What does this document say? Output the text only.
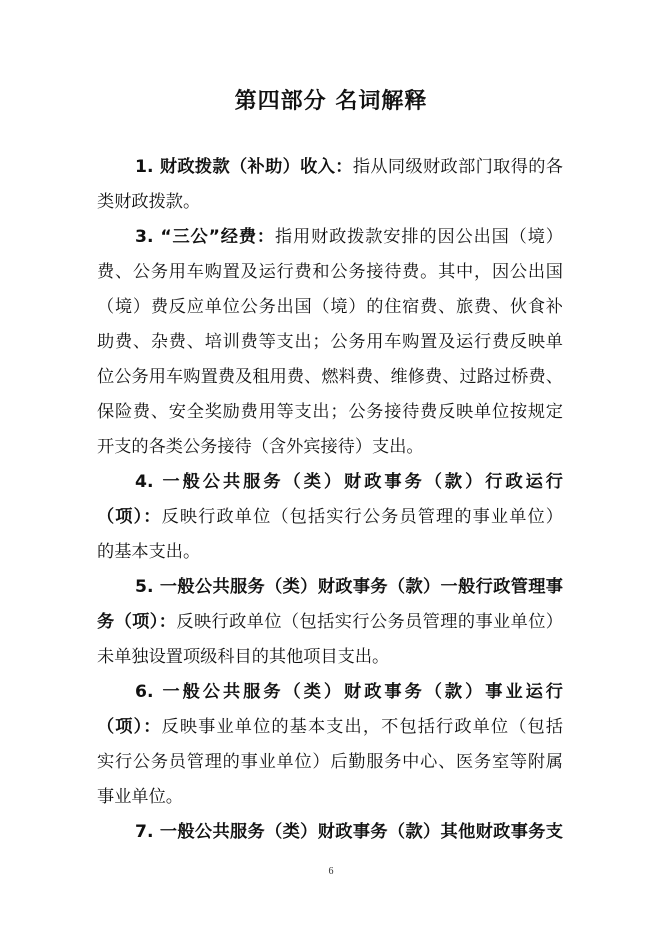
第四部分 名词解释
1. 财政拨款（补助）收入：指从同级财政部门取得的各
类财政拨款。
3. “三公”经费：指用财政拨款安排的因公出国（境）
费、公务用车购置及运行费和公务接待费。其中，因公出国
（境）费反应单位公务出国（境）的住宿费、旅费、伙食补
助费、杂费、培训费等支出；公务用车购置及运行费反映单
位公务用车购置费及租用费、燃料费、维修费、过路过桥费、
保险费、安全奖励费用等支出；公务接待费反映单位按规定
开支的各类公务接待（含外宾接待）支出。
4. 一般公共服务（类）财政事务（款）行政运行
（项）：反映行政单位（包括实行公务员管理的事业单位）
的基本支出。
5. 一般公共服务（类）财政事务（款）一般行政管理事
务（项）：反映行政单位（包括实行公务员管理的事业单位）
未单独设置项级科目的其他项目支出。
6. 一般公共服务（类）财政事务（款）事业运行
（项）：反映事业单位的基本支出，不包括行政单位（包括
实行公务员管理的事业单位）后勤服务中心、医务室等附属
事业单位。
7. 一般公共服务（类）财政事务（款）其他财政事务支
6
